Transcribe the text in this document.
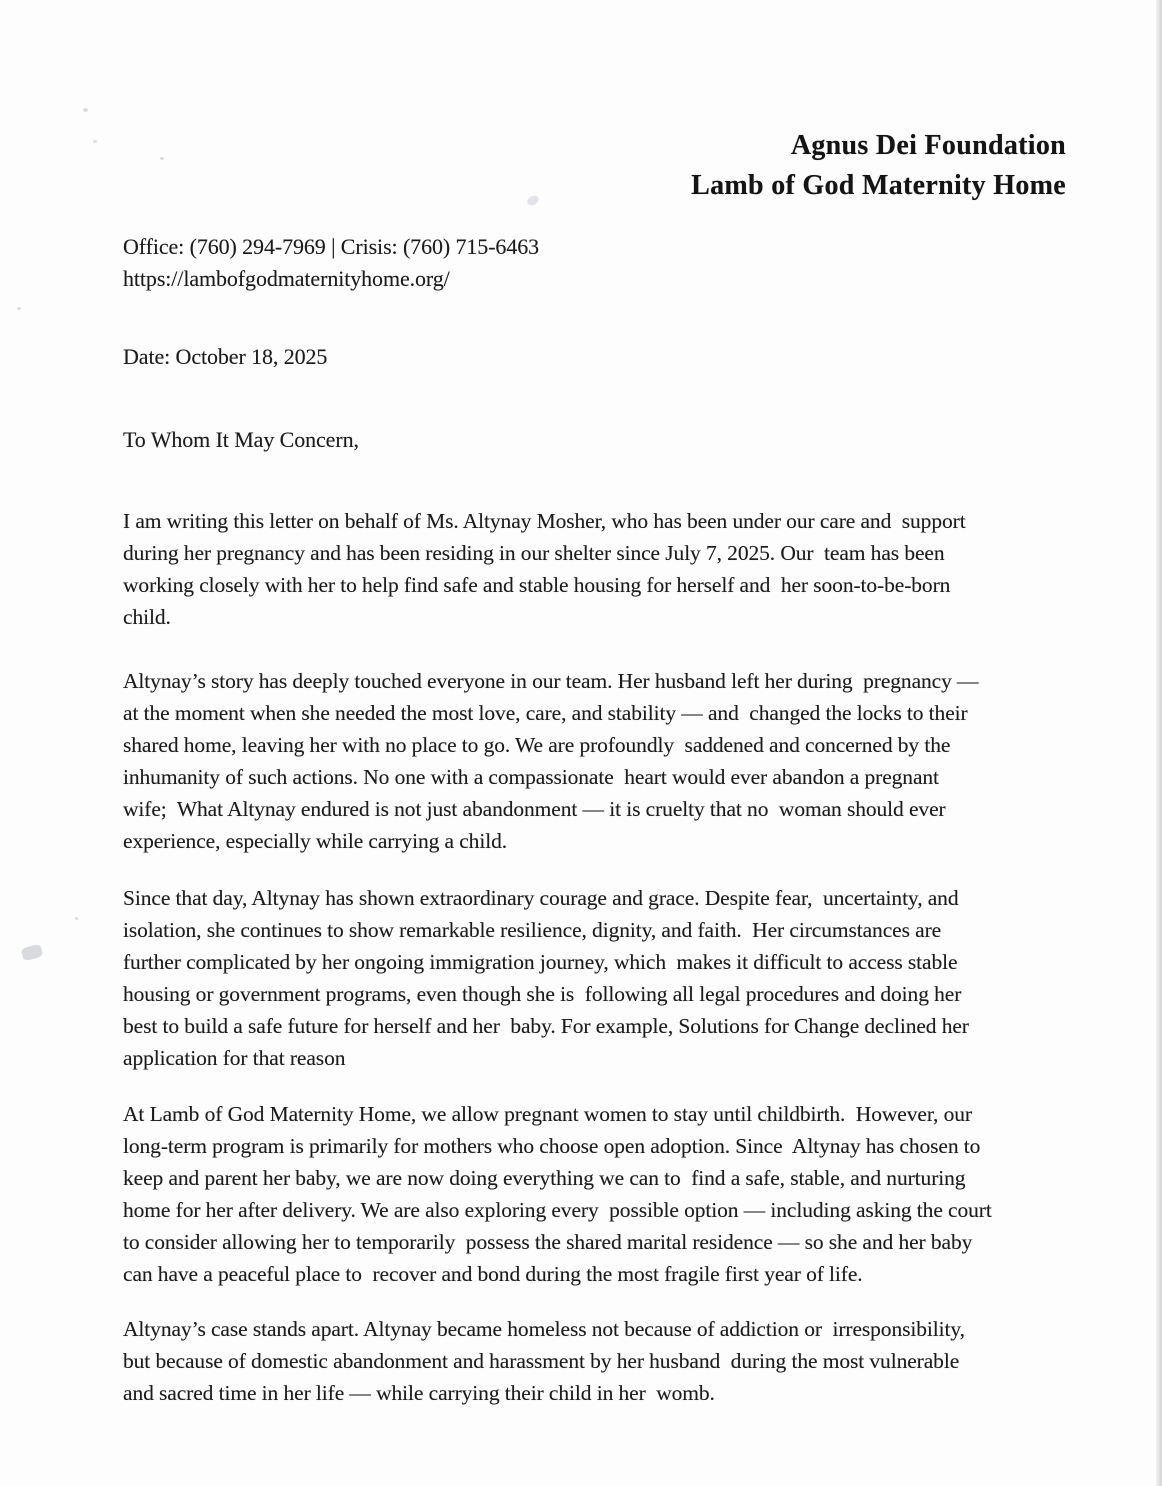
Agnus Dei Foundation
Lamb of God Maternity Home
Office: (760) 294-7969 | Crisis: (760) 715-6463
https://lambofgodmaternityhome.org/
Date: October 18, 2025
To Whom It May Concern,
I am writing this letter on behalf of Ms. Altynay Mosher, who has been under our care and  support
during her pregnancy and has been residing in our shelter since July 7, 2025. Our  team has been
working closely with her to help find safe and stable housing for herself and  her soon-to-be-born
child.
Altynay’s story has deeply touched everyone in our team. Her husband left her during  pregnancy —
at the moment when she needed the most love, care, and stability — and  changed the locks to their
shared home, leaving her with no place to go. We are profoundly  saddened and concerned by the
inhumanity of such actions. No one with a compassionate  heart would ever abandon a pregnant
wife;  What Altynay endured is not just abandonment — it is cruelty that no  woman should ever
experience, especially while carrying a child.
Since that day, Altynay has shown extraordinary courage and grace. Despite fear,  uncertainty, and
isolation, she continues to show remarkable resilience, dignity, and faith.  Her circumstances are
further complicated by her ongoing immigration journey, which  makes it difficult to access stable
housing or government programs, even though she is  following all legal procedures and doing her
best to build a safe future for herself and her  baby. For example, Solutions for Change declined her
application for that reason
At Lamb of God Maternity Home, we allow pregnant women to stay until childbirth.  However, our
long-term program is primarily for mothers who choose open adoption. Since  Altynay has chosen to
keep and parent her baby, we are now doing everything we can to  find a safe, stable, and nurturing
home for her after delivery. We are also exploring every  possible option — including asking the court
to consider allowing her to temporarily  possess the shared marital residence — so she and her baby
can have a peaceful place to  recover and bond during the most fragile first year of life.
Altynay’s case stands apart. Altynay became homeless not because of addiction or  irresponsibility,
but because of domestic abandonment and harassment by her husband  during the most vulnerable
and sacred time in her life — while carrying their child in her  womb.
